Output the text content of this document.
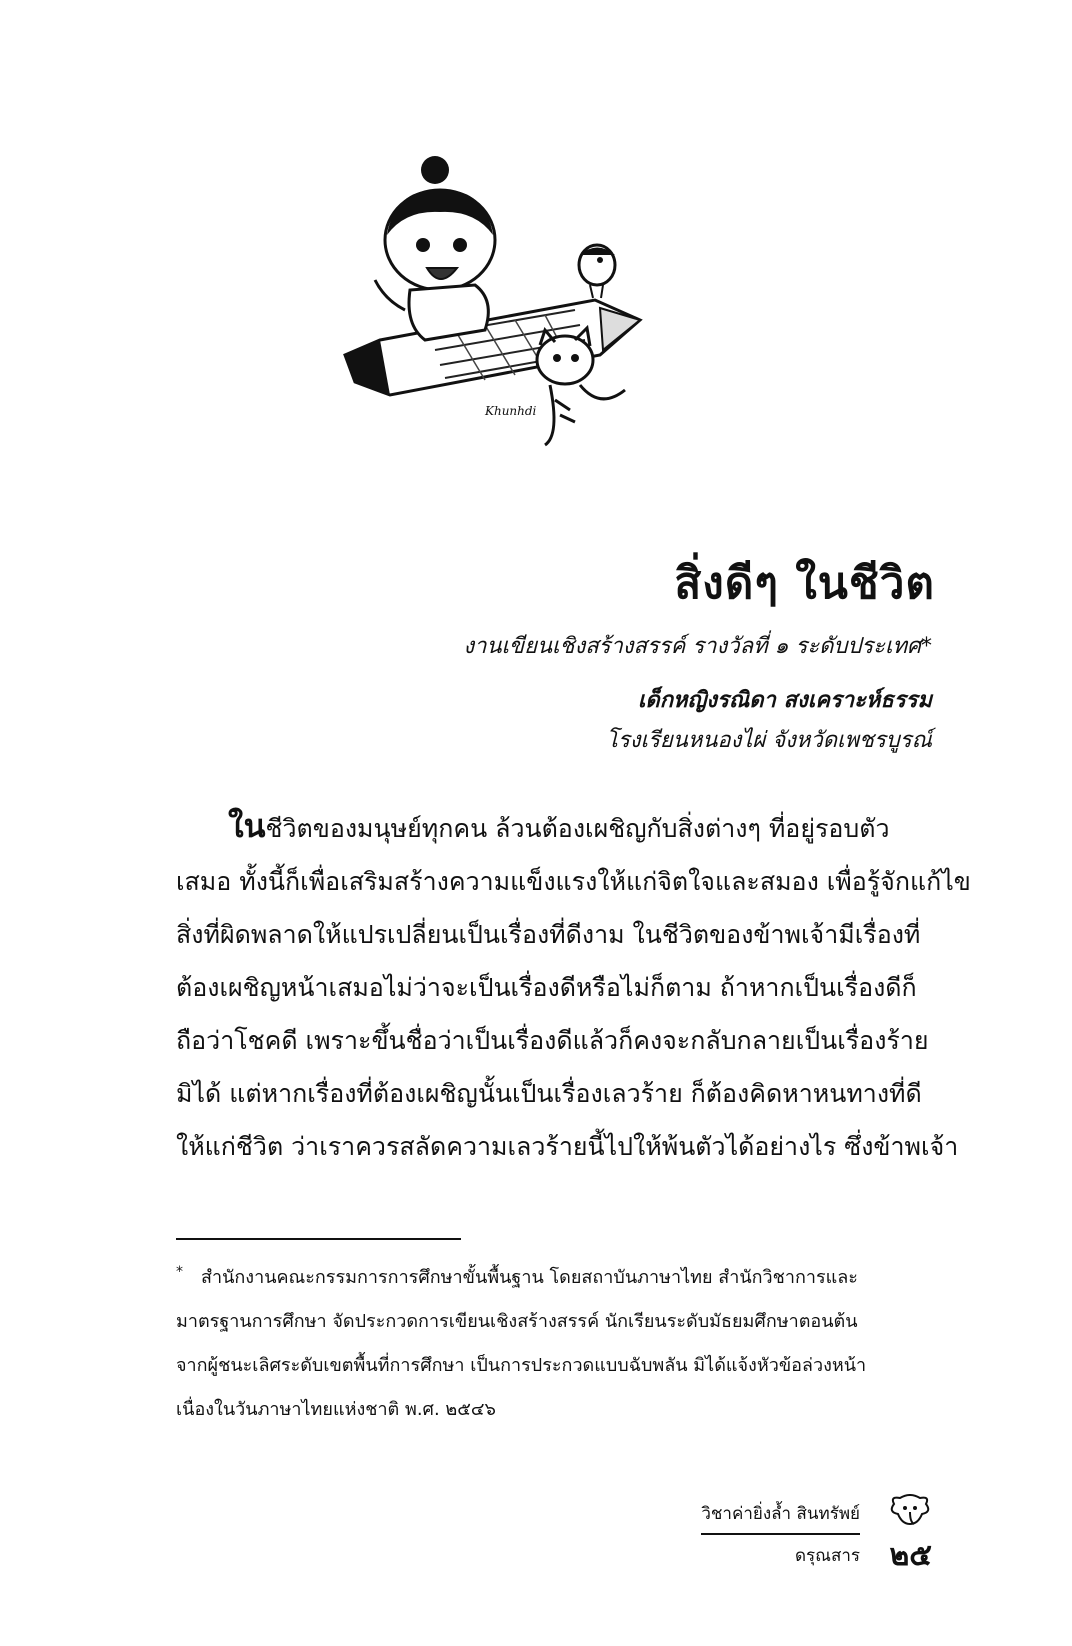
Khunhdi
สิ่งดีๆ ในชีวิต
งานเขียนเชิงสร้างสรรค์ รางวัลที่ ๑ ระดับประเทศ*
เด็กหญิงรณิดา สงเคราะห์ธรรม
โรงเรียนหนองไผ่ จังหวัดเพชรบูรณ์
ในชีวิตของมนุษย์ทุกคน ล้วนต้องเผชิญกับสิ่งต่างๆ ที่อยู่รอบตัว
เสมอ ทั้งนี้ก็เพื่อเสริมสร้างความแข็งแรงให้แก่จิตใจและสมอง เพื่อรู้จักแก้ไข
สิ่งที่ผิดพลาดให้แปรเปลี่ยนเป็นเรื่องที่ดีงาม ในชีวิตของข้าพเจ้ามีเรื่องที่
ต้องเผชิญหน้าเสมอไม่ว่าจะเป็นเรื่องดีหรือไม่ก็ตาม ถ้าหากเป็นเรื่องดีก็
ถือว่าโชคดี เพราะขึ้นชื่อว่าเป็นเรื่องดีแล้วก็คงจะกลับกลายเป็นเรื่องร้าย
มิได้ แต่หากเรื่องที่ต้องเผชิญนั้นเป็นเรื่องเลวร้าย ก็ต้องคิดหาหนทางที่ดี
ให้แก่ชีวิต ว่าเราควรสลัดความเลวร้ายนี้ไปให้พ้นตัวได้อย่างไร ซึ่งข้าพเจ้า
* สำนักงานคณะกรรมการการศึกษาขั้นพื้นฐาน โดยสถาบันภาษาไทย สำนักวิชาการและ
มาตรฐานการศึกษา จัดประกวดการเขียนเชิงสร้างสรรค์ นักเรียนระดับมัธยมศึกษาตอนต้น
จากผู้ชนะเลิศระดับเขตพื้นที่การศึกษา เป็นการประกวดแบบฉับพลัน มิได้แจ้งหัวข้อล่วงหน้า
เนื่องในวันภาษาไทยแห่งชาติ พ.ศ. ๒๕๔๖
วิชาค่ายิ่งล้ำ สินทรัพย์
ดรุณสาร ๒๕
